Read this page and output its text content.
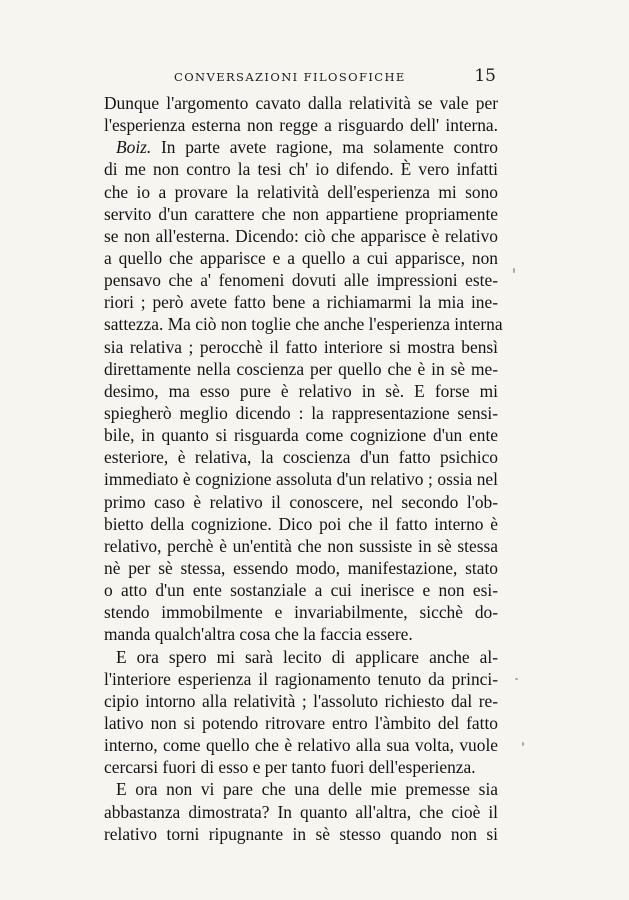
CONVERSAZIONI FILOSOFICHE	15
Dunque l'argomento cavato dalla relatività se vale per
l'esperienza esterna non regge a risguardo dell' interna.
Boiz. In parte avete ragione, ma solamente contro
di me non contro la tesi ch' io difendo. È vero infatti
che io a provare la relatività dell'esperienza mi sono
servito d'un carattere che non appartiene propriamente
se non all'esterna. Dicendo: ciò che apparisce è relativo
a quello che apparisce e a quello a cui apparisce, non
pensavo che a' fenomeni dovuti alle impressioni este-
riori ; però avete fatto bene a richiamarmi la mia ine-
sattezza. Ma ciò non toglie che anche l'esperienza interna
sia relativa ; perocchè il fatto interiore si mostra bensì
direttamente nella coscienza per quello che è in sè me-
desimo, ma esso pure è relativo in sè. E forse mi
spiegherò meglio dicendo : la rappresentazione sensi-
bile, in quanto si risguarda come cognizione d'un ente
esteriore, è relativa, la coscienza d'un fatto psichico
immediato è cognizione assoluta d'un relativo ; ossia nel
primo caso è relativo il conoscere, nel secondo l'ob-
bietto della cognizione. Dico poi che il fatto interno è
relativo, perchè è un'entità che non sussiste in sè stessa
nè per sè stessa, essendo modo, manifestazione, stato
o atto d'un ente sostanziale a cui inerisce e non esi-
stendo immobilmente e invariabilmente, sicchè do-
manda qualch'altra cosa che la faccia essere.
E ora spero mi sarà lecito di applicare anche al-
l'interiore esperienza il ragionamento tenuto da princi-
cipio intorno alla relatività ; l'assoluto richiesto dal re-
lativo non si potendo ritrovare entro l'àmbito del fatto
interno, come quello che è relativo alla sua volta, vuole
cercarsi fuori di esso e per tanto fuori dell'esperienza.
E ora non vi pare che una delle mie premesse sia
abbastanza dimostrata? In quanto all'altra, che cioè il
relativo torni ripugnante in sè stesso quando non si
